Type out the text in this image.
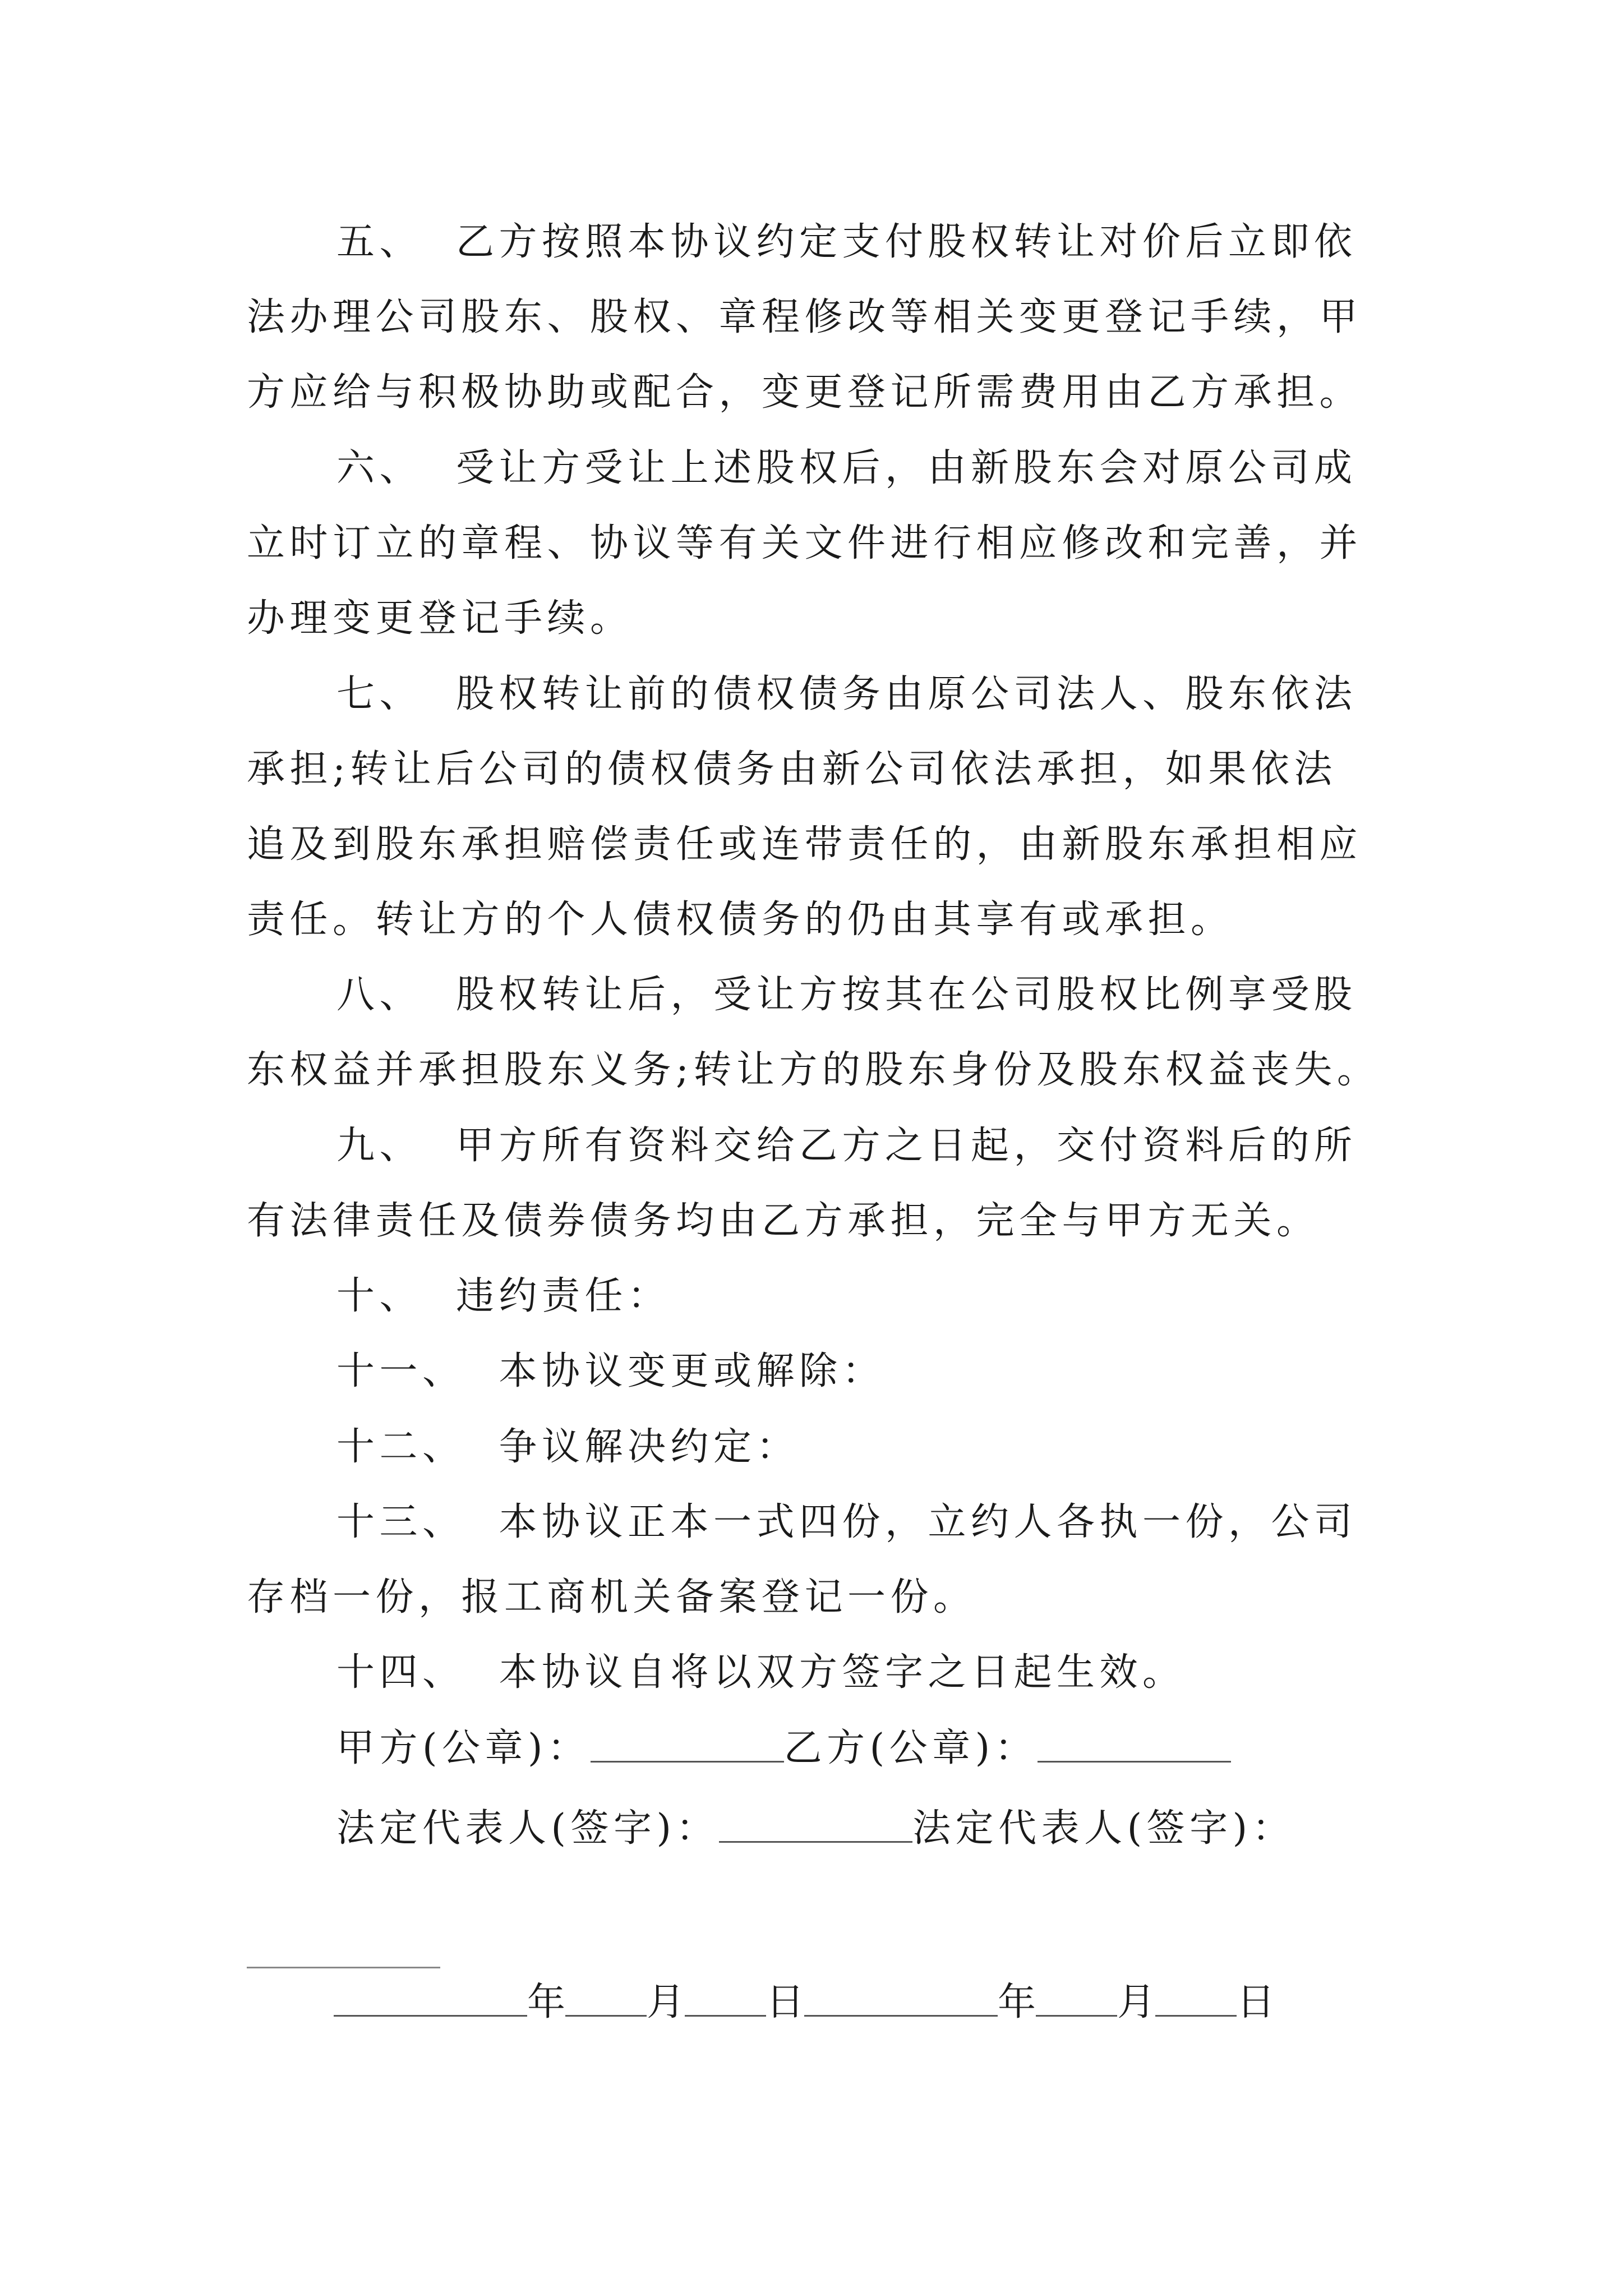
五、 乙方按照本协议约定支付股权转让对价后立即依
法办理公司股东、股权、章程修改等相关变更登记手续，甲
方应给与积极协助或配合，变更登记所需费用由乙方承担。
六、 受让方受让上述股权后，由新股东会对原公司成
立时订立的章程、协议等有关文件进行相应修改和完善，并
办理变更登记手续。
七、 股权转让前的债权债务由原公司法人、股东依法
承担;转让后公司的债权债务由新公司依法承担，如果依法
追及到股东承担赔偿责任或连带责任的，由新股东承担相应
责任。转让方的个人债权债务的仍由其享有或承担。
八、 股权转让后，受让方按其在公司股权比例享受股
东权益并承担股东义务;转让方的股东身份及股东权益丧失。
九、 甲方所有资料交给乙方之日起，交付资料后的所
有法律责任及债券债务均由乙方承担，完全与甲方无关。
十、 违约责任：
十一、 本协议变更或解除：
十二、 争议解决约定：
十三、 本协议正本一式四份，立约人各执一份，公司
存档一份，报工商机关备案登记一份。
十四、 本协议自将以双方签字之日起生效。
甲方(公章)：	乙方(公章)：
法定代表人(签字)：	法定代表人(签字)：
年 月 日	年 月 日
